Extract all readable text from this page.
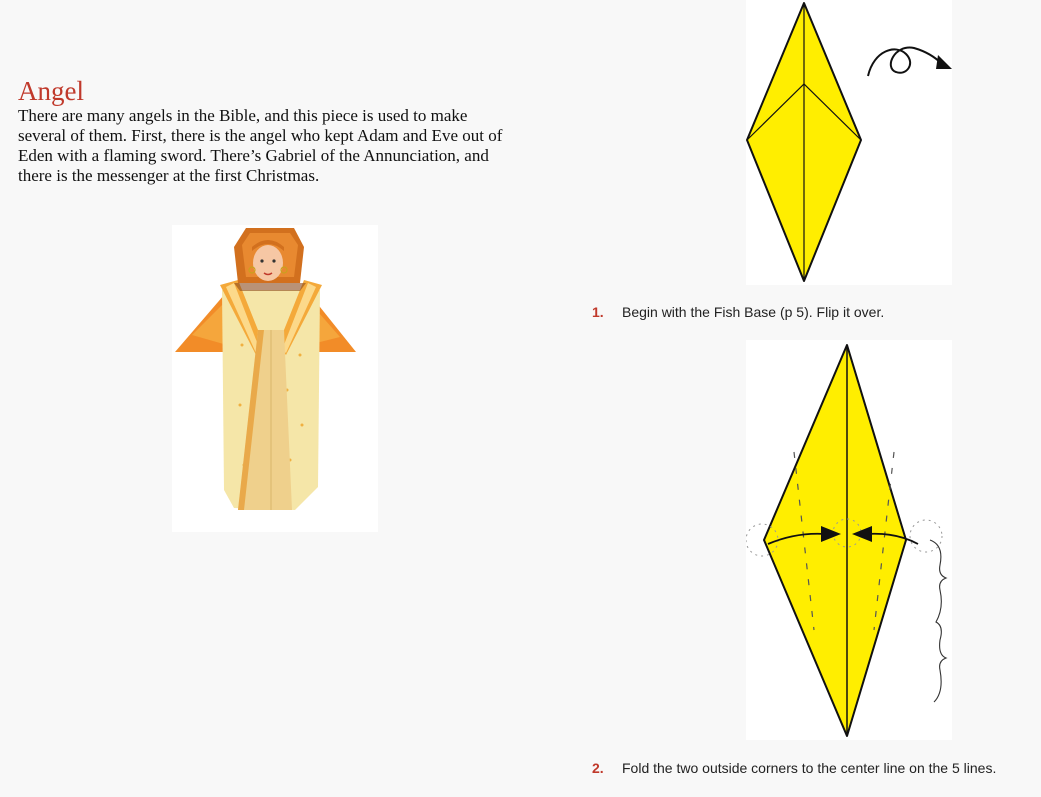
Angel
There are many angels in the Bible, and this piece is used to make several of them. First, there is the angel who kept Adam and Eve out of Eden with a flaming sword. There’s Gabriel of the Annunciation, and there is the messenger at the first Christmas.
1. Begin with the Fish Base (p 5). Flip it over.
2. Fold the two outside corners to the center line on the 5 lines.
